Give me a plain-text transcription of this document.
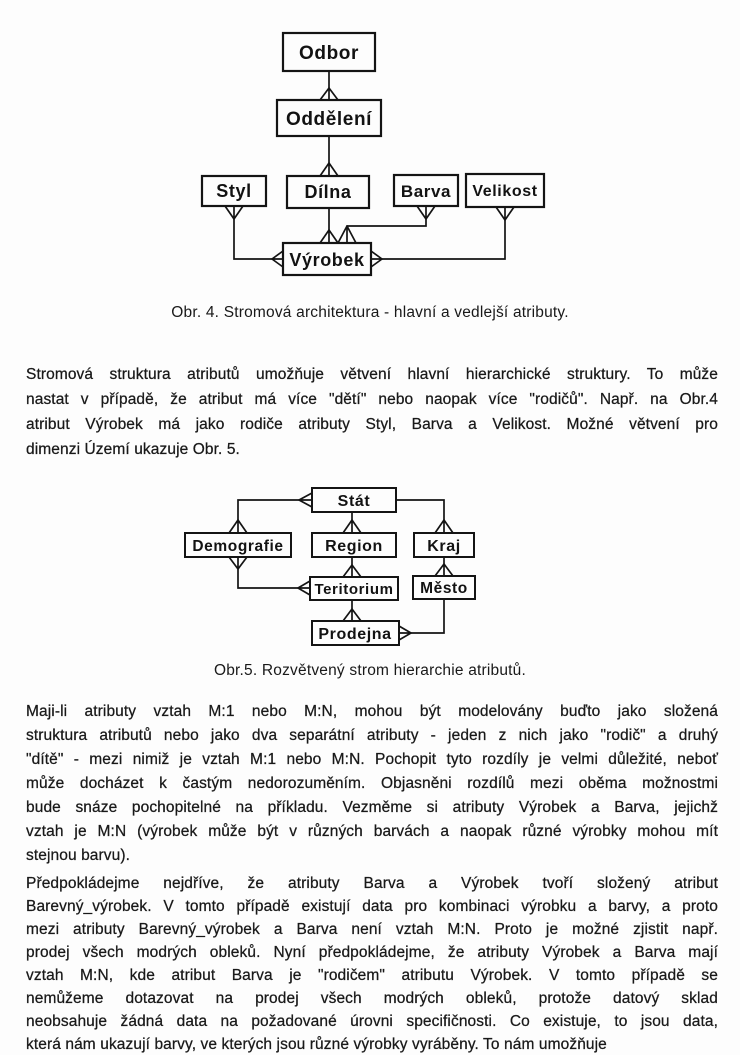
Odbor
Oddělení
Styl	Dílna	Barva Velikost
Výrobek
Obr. 4. Stromová architektura - hlavní a vedlejší atributy.
Stromová struktura atributů umožňuje větvení hlavní hierarchické struktury. To může
nastat v případě, že atribut má více "dětí" nebo naopak více "rodičů". Např. na Obr.4
atribut Výrobek má jako rodiče atributy Styl, Barva a Velikost. Možné větvení pro
dimenzi Území ukazuje Obr. 5.
Stát
Demografie	Region	Kraj
Teritorium Město
Prodejna
Obr.5. Rozvětvený strom hierarchie atributů.
Maji-li atributy vztah M:1 nebo M:N, mohou být modelovány buďto jako složená
struktura atributů nebo jako dva separátní atributy - jeden z nich jako "rodič" a druhý
"dítě" - mezi nimiž je vztah M:1 nebo M:N. Pochopit tyto rozdíly je velmi důležité, neboť
může docházet k častým nedorozuměním. Objasněni rozdílů mezi oběma možnostmi
bude snáze pochopitelné na příkladu. Vezměme si atributy Výrobek a Barva, jejichž
vztah je M:N (výrobek může být v různých barvách a naopak různé výrobky mohou mít
stejnou barvu).
Předpokládejme nejdříve, že atributy Barva a Výrobek tvoří složený atribut
Barevný_výrobek. V tomto případě existují data pro kombinaci výrobku a barvy, a proto
mezi atributy Barevný_výrobek a Barva není vztah M:N. Proto je možné zjistit např.
prodej všech modrých obleků. Nyní předpokládejme, že atributy Výrobek a Barva mají
vztah M:N, kde atribut Barva je "rodičem" atributu Výrobek. V tomto případě se
nemůžeme dotazovat na prodej všech modrých obleků, protože datový sklad
neobsahuje žádná data na požadované úrovni specifičnosti. Co existuje, to jsou data,
která nám ukazují barvy, ve kterých jsou různé výrobky vyráběny. To nám umožňuje
